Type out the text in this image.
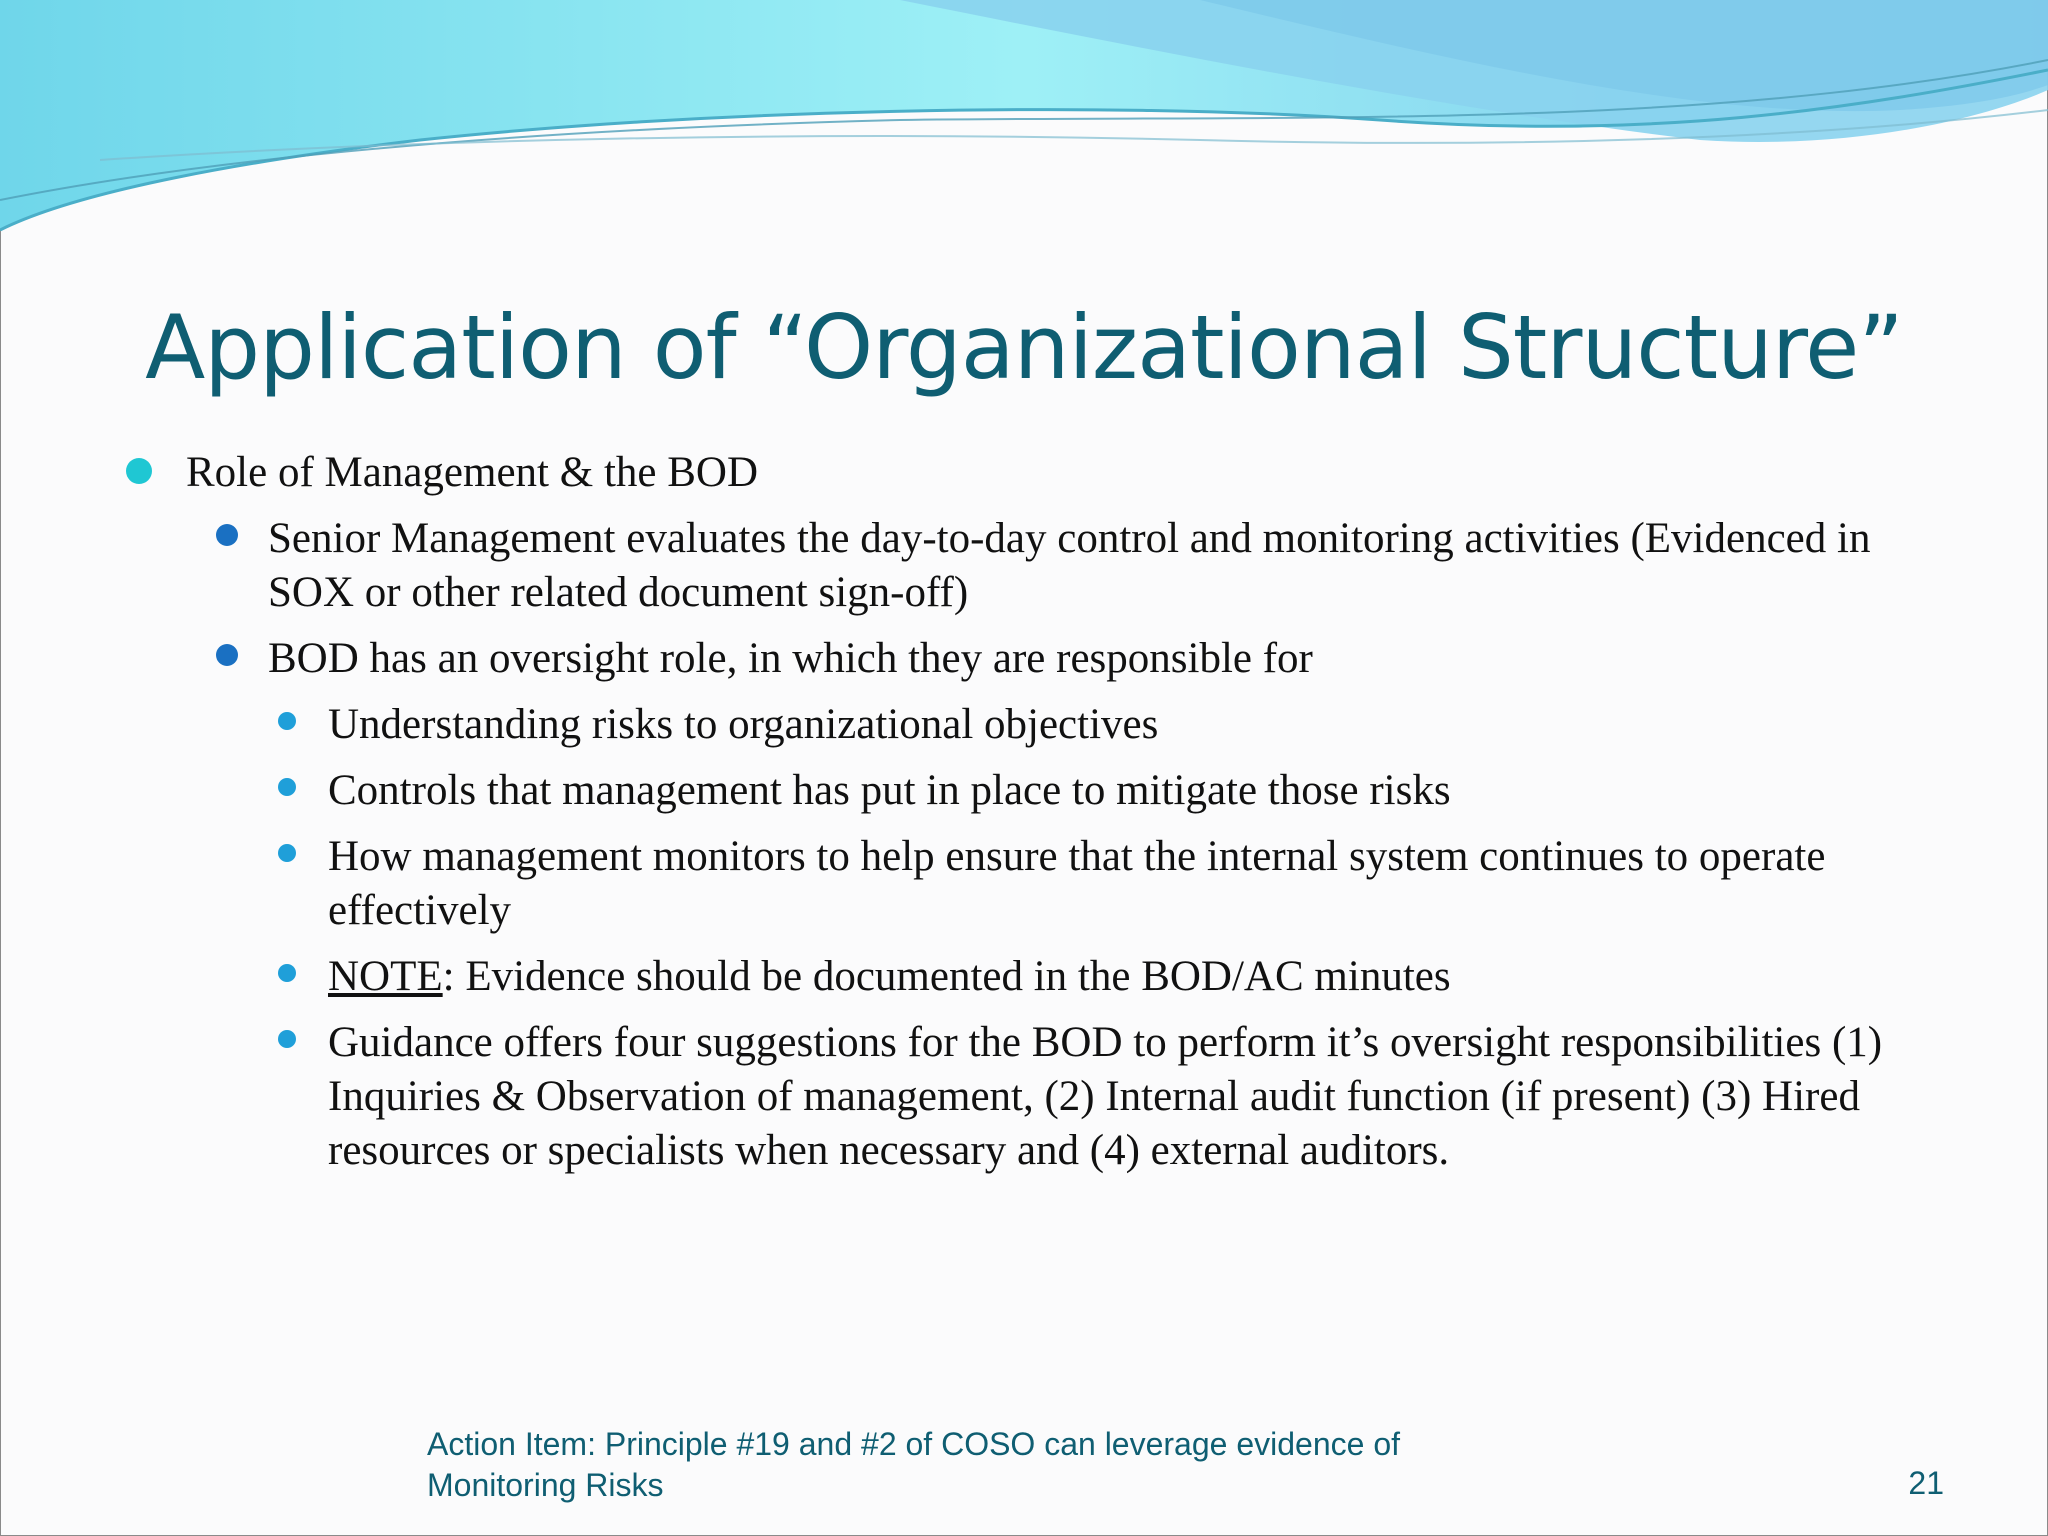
Application of “Organizational Structure”
Role of Management & the BOD
Senior Management evaluates the day-to-day control and monitoring activities (Evidenced in SOX or other related document sign-off)
BOD has an oversight role, in which they are responsible for
Understanding risks to organizational objectives
Controls that management has put in place to mitigate those risks
How management monitors to help ensure that the internal system continues to operate effectively
NOTE: Evidence should be documented in the BOD/AC minutes
Guidance offers four suggestions for the BOD to perform it’s oversight responsibilities (1) Inquiries & Observation of management, (2) Internal audit function (if present) (3) Hired resources or specialists when necessary and (4) external auditors.
Action Item: Principle #19 and #2 of COSO can leverage evidence of
Monitoring Risks	21
